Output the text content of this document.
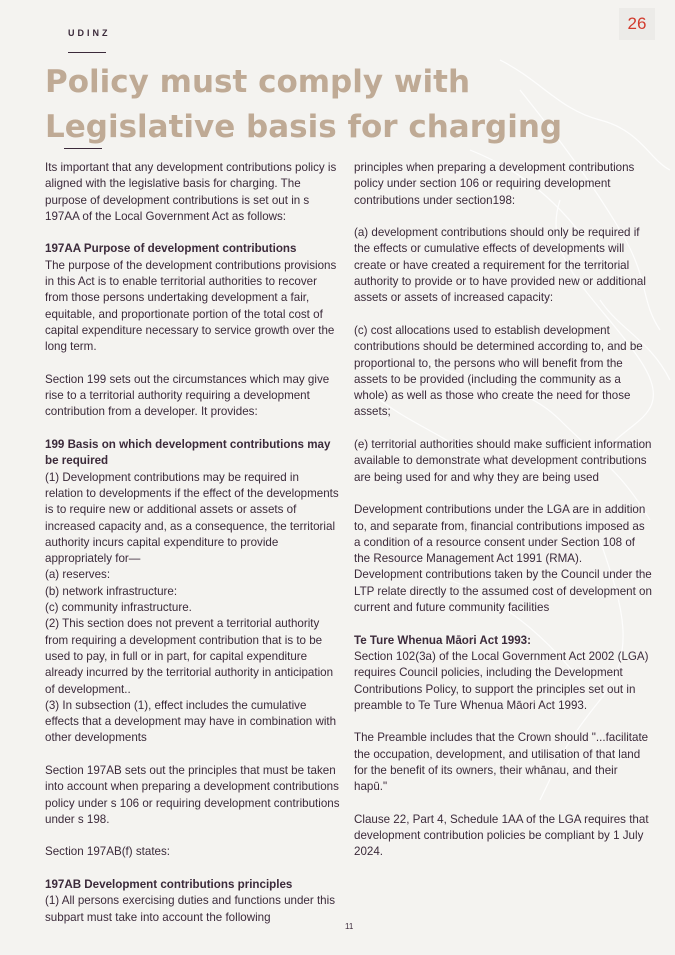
26
UDINZ
Policy must comply with
Legislative basis for charging

Its important that any development contributions policy is aligned with the legislative basis for charging. The purpose of development contributions is set out in s 197AA of the Local Government Act as follows:

197AA Purpose of development contributions

The purpose of the development contributions provisions in this Act is to enable territorial authorities to recover from those persons undertaking development a fair, equitable, and proportionate portion of the total cost of capital expenditure necessary to service growth over the long term.

Section 199 sets out the circumstances which may give rise to a territorial authority requiring a development contribution from a developer. It provides:

199 Basis on which development contributions may be required

(1) Development contributions may be required in relation to developments if the effect of the developments is to require new or additional assets or assets of increased capacity and, as a consequence, the territorial authority incurs capital expenditure to provide appropriately for—

(a) reserves:

(b) network infrastructure:

(c) community infrastructure.

(2) This section does not prevent a territorial authority from requiring a development contribution that is to be used to pay, in full or in part, for capital expenditure already incurred by the territorial authority in anticipation of development..

(3) In subsection (1), effect includes the cumulative effects that a development may have in combination with other developments

Section 197AB sets out the principles that must be taken into account when preparing a development contributions policy under s 106 or requiring development contributions under s 198.

Section 197AB(f) states:

197AB Development contributions principles

(1) All persons exercising duties and functions under this subpart must take into account the following

principles when preparing a development contributions policy under section 106 or requiring development contributions under section198:

(a) development contributions should only be required if the effects or cumulative effects of developments will create or have created a requirement for the territorial authority to provide or to have provided new or additional assets or assets of increased capacity:

(c) cost allocations used to establish development contributions should be determined according to, and be proportional to, the persons who will benefit from the assets to be provided (including the community as a whole) as well as those who create the need for those assets;

(e) territorial authorities should make sufficient information available to demonstrate what development contributions are being used for and why they are being used

Development contributions under the LGA are in addition to, and separate from, financial contributions imposed as a condition of a resource consent under Section 108 of the Resource Management Act 1991 (RMA). Development contributions taken by the Council under the LTP relate directly to the assumed cost of development on current and future community facilities

Te Ture Whenua Māori Act 1993:

Section 102(3a) of the Local Government Act 2002 (LGA) requires Council policies, including the Development Contributions Policy, to support the principles set out in preamble to Te Ture Whenua Māori Act 1993.

The Preamble includes that the Crown should "...facilitate the occupation, development, and utilisation of that land for the benefit of its owners, their whānau, and their hapū."

Clause 22, Part 4, Schedule 1AA of the LGA requires that development contribution policies be compliant by 1 July 2024.

11
